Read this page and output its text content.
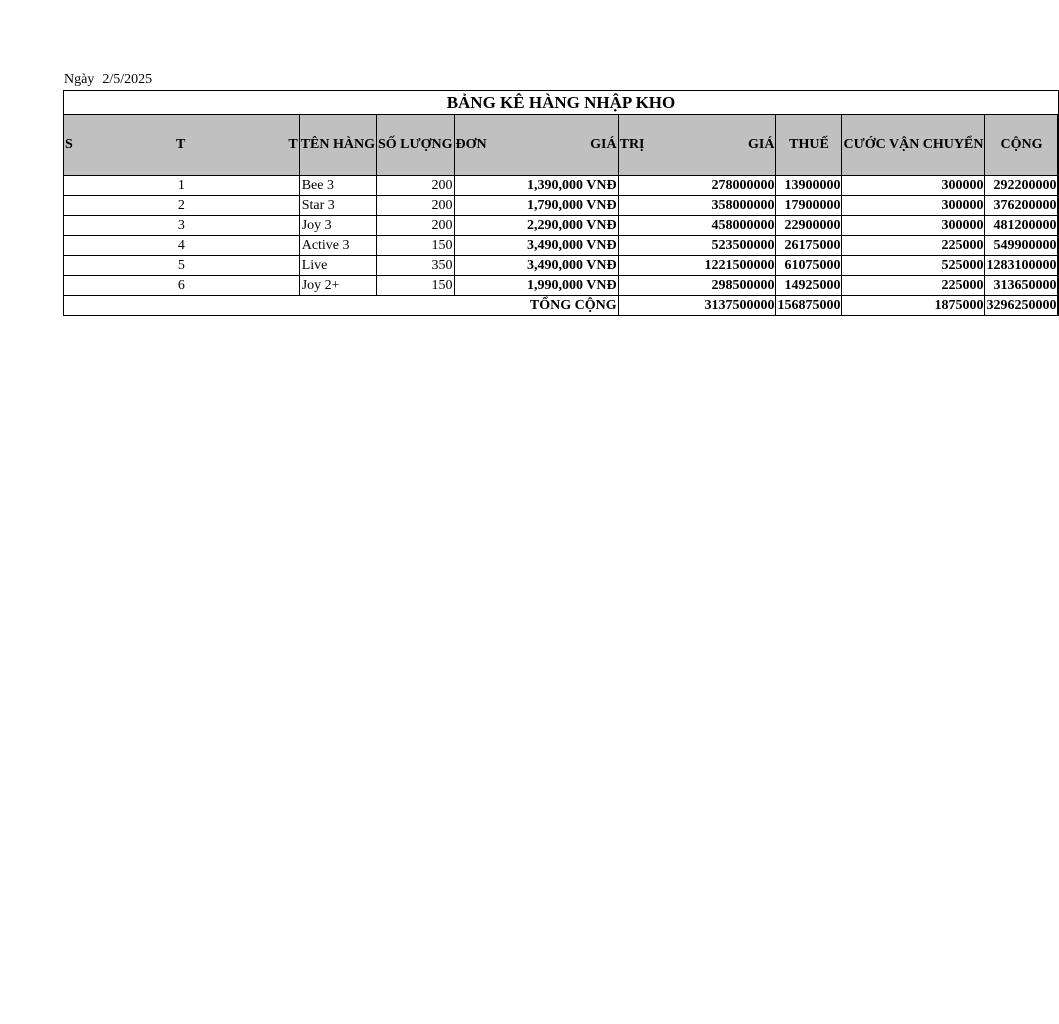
Ngày 2/5/2025
BẢNG KÊ HÀNG NHẬP KHO							
S T T	TÊN HÀNG	SỐ LƯỢNG	ĐƠN GIÁ	TRỊ GIÁ	THUẾ	CƯỚC VẬN CHUYỂN	CỘNG
1	Bee 3	200	1,390,000 VNĐ	278000000	13900000	300000	292200000
2	Star 3	200	1,790,000 VNĐ	358000000	17900000	300000	376200000
3	Joy 3	200	2,290,000 VNĐ	458000000	22900000	300000	481200000
4	Active 3	150	3,490,000 VNĐ	523500000	26175000	225000	549900000
5	Live	350	3,490,000 VNĐ	1221500000	61075000	525000	1283100000
6	Joy 2+	150	1,990,000 VNĐ	298500000	14925000	225000	313650000
TỔNG CỘNG				3137500000	156875000	1875000	3296250000
